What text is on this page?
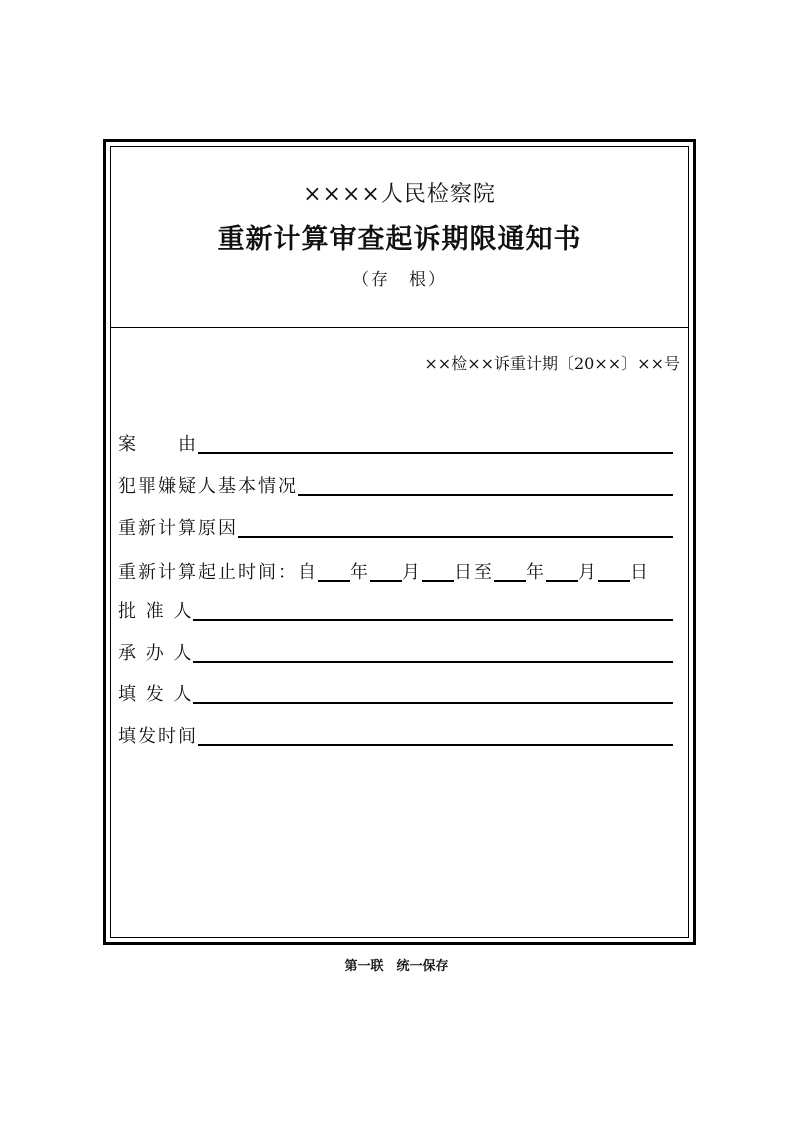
××××人民检察院
重新计算审查起诉期限通知书
（存　根）
××检××诉重计期〔20××〕××号
案　　由
犯罪嫌疑人基本情况
重新计算原因
重新计算起止时间： 自 年 月 日至 年 月 日
批 准 人
承 办 人
填 发 人
填发时间
第一联　统一保存
